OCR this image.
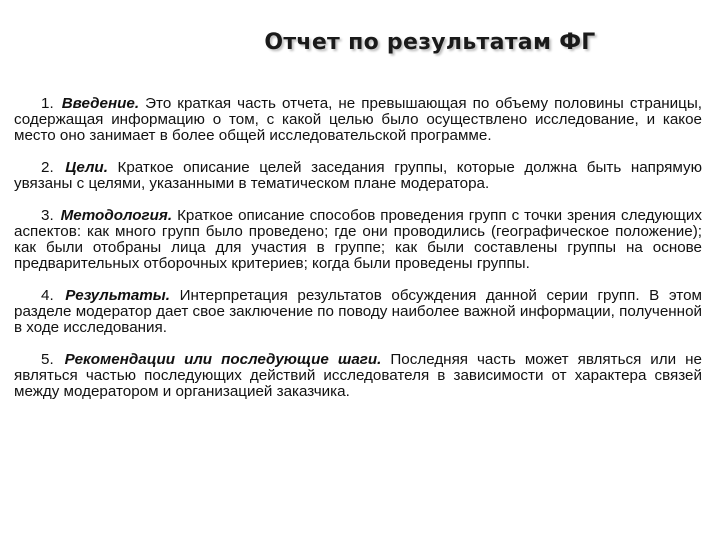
Отчет по результатам ФГ

1. Введение. Это краткая часть отчета, не превышающая по объему половины страницы, содержащая информацию о том, с какой целью было осуществлено исследование, и какое место оно занимает в более общей исследовательской программе.

2. Цели. Краткое описание целей заседания группы, которые должна быть напрямую увязаны с целями, указанными в тематическом плане модератора.

3. Методология. Краткое описание способов проведения групп с точки зрения следующих аспектов: как много групп было проведено; где они проводились (географическое положение); как были отобраны лица для участия в группе; как были составлены группы на основе предварительных отборочных критериев; когда были проведены группы.

4. Результаты. Интерпретация результатов обсуждения данной серии групп. В этом разделе модератор дает свое заключение по поводу наиболее важной информации, полученной в ходе исследования.

5. Рекомендации или последующие шаги. Последняя часть может являться или не являться частью последующих действий исследователя в зависимости от характера связей между модератором и организацией заказчика.
